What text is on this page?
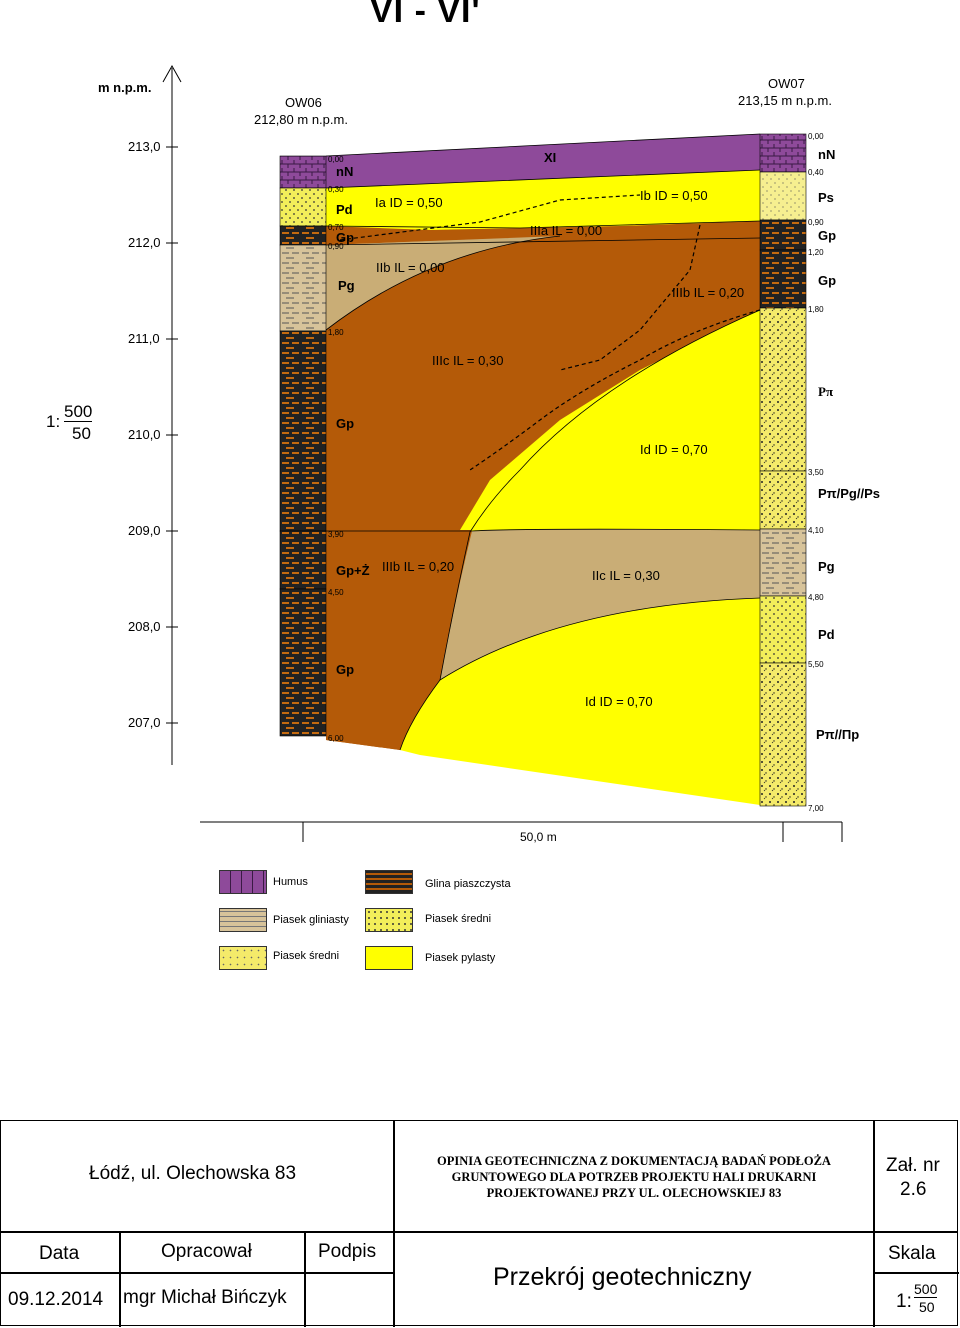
VI - VI'
m n.p.m.
213,0
212,0
211,0
210,0
209,0
208,0
207,0
1:
500
50
OW06
212,80 m n.p.m.
OW07
213,15 m n.p.m.
0,00
0,30
0,70
0,90
1,80
3,90
4,50
6,00
nN
Pd
Gp
Pg
Gp
Gp+Ż
Gp
0,00
0,40
0,90
1,20
1,80
3,50
4,10
4,80
5,50
7,00
nN
Ps
Gp
Gp
Pπ
Pπ/Pg//Ps
Pg
Pd
Pπ//Πp
XI
Ia ID = 0,50	Ib ID = 0,50
IIIa IL = 0,00
IIb IL = 0,00
IIIb IL = 0,20
IIIc IL = 0,30
Id ID = 0,70
IIIb IL = 0,20
IIc IL = 0,30
Id ID = 0,70
50,0 m
Humus	Glina piaszczysta
Piasek gliniasty	Piasek średni
Piasek średni	Piasek pylasty
Łódź, ul. Olechowska 83
OPINIA GEOTECHNICZNA Z DOKUMENTACJĄ BADAŃ PODŁOŻA
GRUNTOWEGO DLA POTRZEB PROJEKTU HALI DRUKARNI
PROJEKTOWANEJ PRZY UL. OLECHOWSKIEJ 83
Zał. nr
2.6
Data	Opracował	Podpis	Skala
09.12.2014 mgr Michał Bińczyk
Przekrój geotechniczny
1:
500
50
